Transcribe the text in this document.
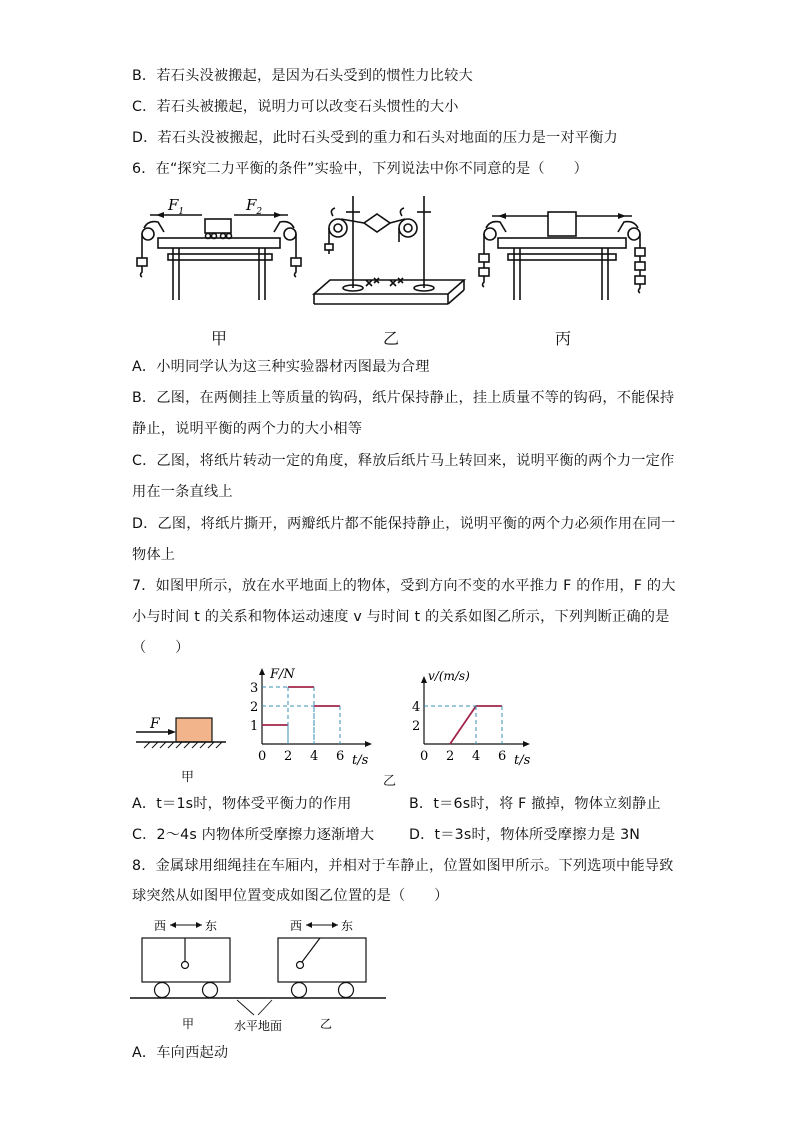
B．若石头没被搬起，是因为石头受到的惯性力比较大
C．若石头被搬起，说明力可以改变石头惯性的大小
D．若石头没被搬起，此时石头受到的重力和石头对地面的压力是一对平衡力
6．在“探究二力平衡的条件”实验中，下列说法中你不同意的是（　　）
$F_1$	$F_2$
甲	乙	丙
A．小明同学认为这三种实验器材丙图最为合理
B．乙图，在两侧挂上等质量的钩码，纸片保持静止，挂上质量不等的钩码，不能保持
静止，说明平衡的两个力的大小相等
C．乙图，将纸片转动一定的角度，释放后纸片马上转回来，说明平衡的两个力一定作
用在一条直线上
D．乙图，将纸片撕开，两瓣纸片都不能保持静止，说明平衡的两个力必须作用在同一
物体上
7．如图甲所示，放在水平地面上的物体，受到方向不变的水平推力 F 的作用，F 的大
小与时间 t 的关系和物体运动速度 v 与时间 t 的关系如图乙所示，下列判断正确的是
（　　）
F
F/N
t/s
0 2 4 6
1
2
3
v/(m/s)
t/s
0 2 4 6
2
4
甲	乙
A．t＝1s时，物体受平衡力的作用	B．t＝6s时，将 F 撤掉，物体立刻静止
C．2～4s 内物体所受摩擦力逐渐增大 D．t＝3s时，物体所受摩擦力是 3N
8．金属球用细绳挂在车厢内，并相对于车静止，位置如图甲所示。下列选项中能导致
球突然从如图甲位置变成如图乙位置的是（　　）
西	东	西	东
水平地面
甲	乙
A．车向西起动
